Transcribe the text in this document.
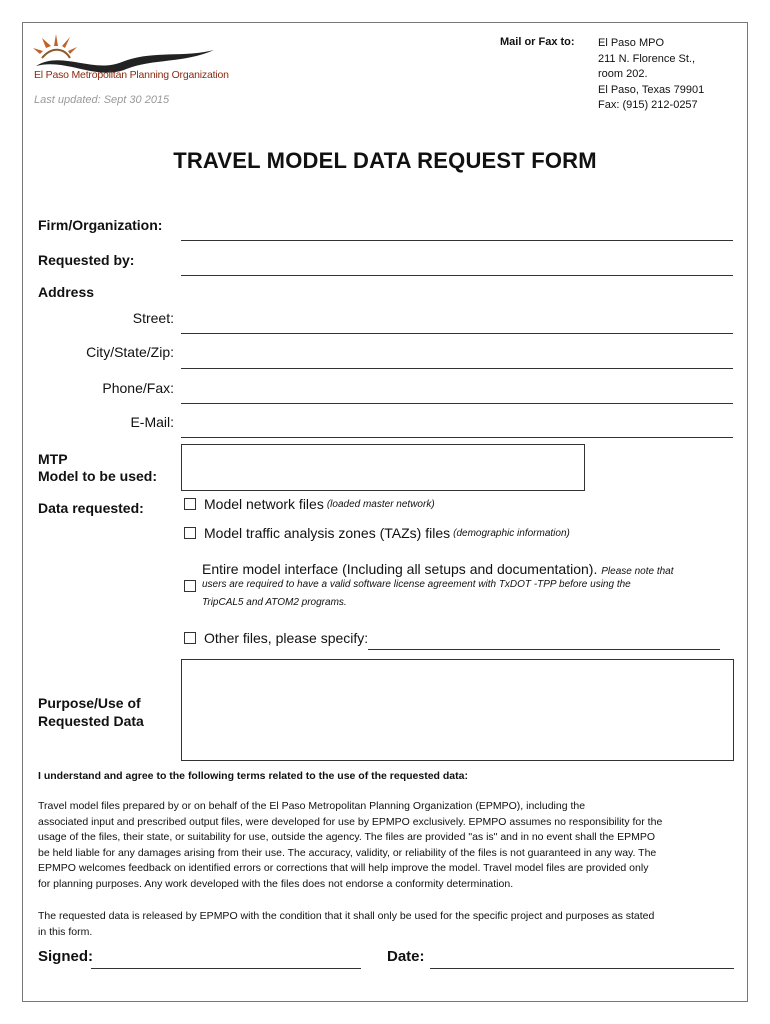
El Paso Metropolitan Planning Organization
Last updated: Sept 30 2015
Mail or Fax to: El Paso MPO
211 N. Florence St.,
room 202.
El Paso, Texas 79901
Fax: (915) 212-0257
TRAVEL MODEL DATA REQUEST FORM
Firm/Organization:
Requested by:
Address
Street:
City/State/Zip:
Phone/Fax:
E-Mail:
MTP
Model to be used:
Data requested:	Model network files (loaded master network)
Model traffic analysis zones (TAZs) files (demographic information)
Entire model interface (Including all setups and documentation). Please note that
users are required to have a valid software license agreement with TxDOT -TPP before using the
TripCAL5 and ATOM2 programs.
Other files, please specify:
Purpose/Use of
Requested Data
I understand and agree to the following terms related to the use of the requested data:
Travel model files prepared by or on behalf of the El Paso Metropolitan Planning Organization (EPMPO), including the
associated input and prescribed output files, were developed for use by EPMPO exclusively. EPMPO assumes no responsibility for the
usage of the files, their state, or suitability for use, outside the agency. The files are provided "as is" and in no event shall the EPMPO
be held liable for any damages arising from their use. The accuracy, validity, or reliability of the files is not guaranteed in any way. The
EPMPO welcomes feedback on identified errors or corrections that will help improve the model. Travel model files are provided only
for planning purposes. Any work developed with the files does not endorse a conformity determination.
The requested data is released by EPMPO with the condition that it shall only be used for the specific project and purposes as stated
in this form.
Signed:	Date:
